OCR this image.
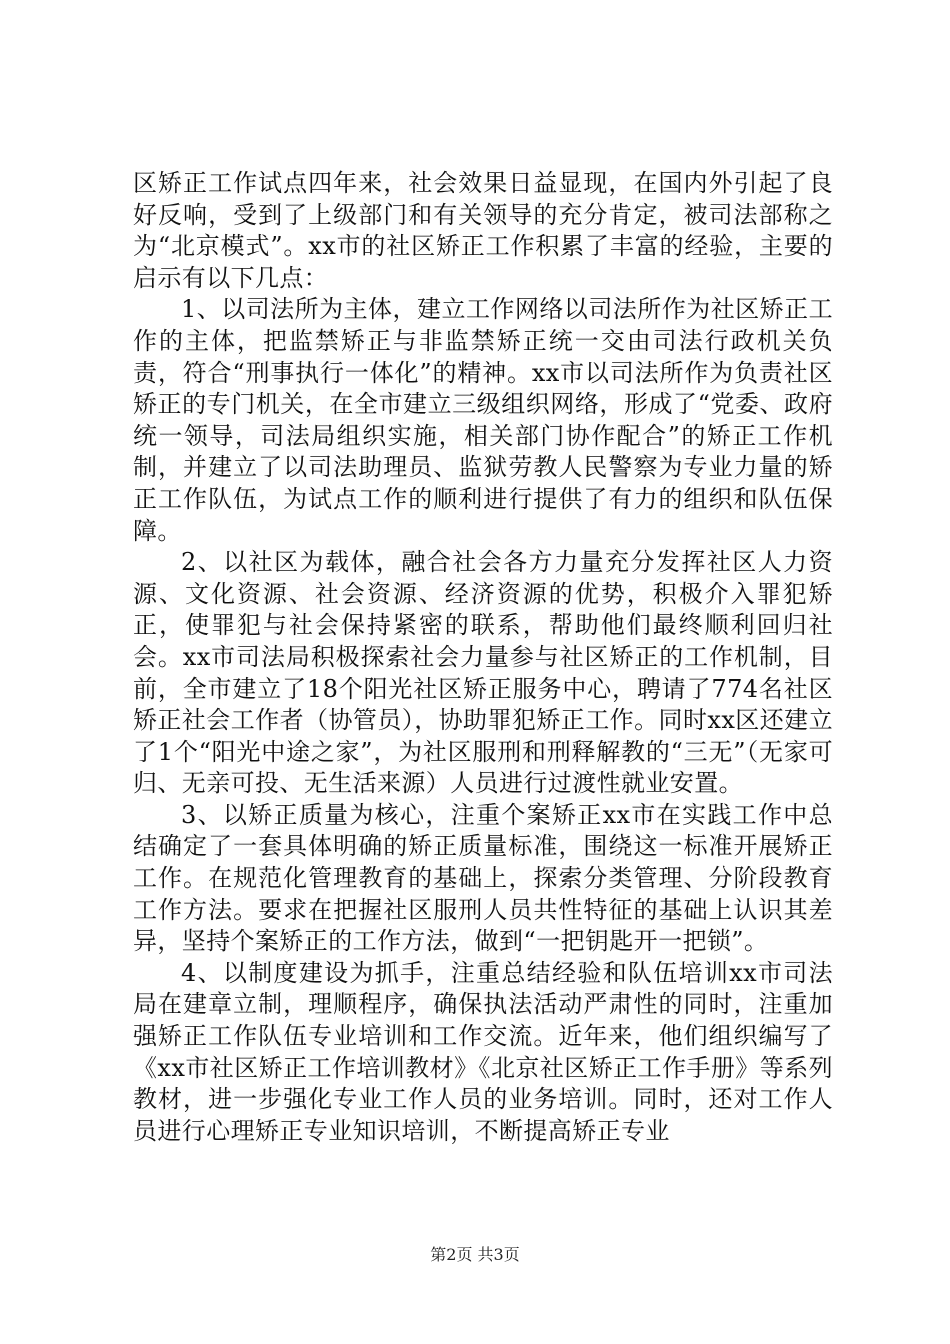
区矫正工作试点四年来，社会效果日益显现，在国内外引起了良好反响，受到了上级部门和有关领导的充分肯定，被司法部称之为“北京模式”。xx市的社区矫正工作积累了丰富的经验，主要的启示有以下几点：

1、以司法所为主体，建立工作网络以司法所作为社区矫正工作的主体，把监禁矫正与非监禁矫正统一交由司法行政机关负责，符合“刑事执行一体化”的精神。xx市以司法所作为负责社区矫正的专门机关，在全市建立三级组织网络，形成了“党委、政府统一领导，司法局组织实施，相关部门协作配合”的矫正工作机制，并建立了以司法助理员、监狱劳教人民警察为专业力量的矫正工作队伍，为试点工作的顺利进行提供了有力的组织和队伍保障。

2、以社区为载体，融合社会各方力量充分发挥社区人力资源、文化资源、社会资源、经济资源的优势，积极介入罪犯矫正，使罪犯与社会保持紧密的联系，帮助他们最终顺利回归社会。xx市司法局积极探索社会力量参与社区矫正的工作机制，目前，全市建立了18个阳光社区矫正服务中心，聘请了774名社区矫正社会工作者（协管员），协助罪犯矫正工作。同时xx区还建立了1个“阳光中途之家”，为社区服刑和刑释解教的“三无”（无家可归、无亲可投、无生活来源）人员进行过渡性就业安置。

3、以矫正质量为核心，注重个案矫正xx市在实践工作中总结确定了一套具体明确的矫正质量标准，围绕这一标准开展矫正工作。在规范化管理教育的基础上，探索分类管理、分阶段教育工作方法。要求在把握社区服刑人员共性特征的基础上认识其差异，坚持个案矫正的工作方法，做到“一把钥匙开一把锁”。

4、以制度建设为抓手，注重总结经验和队伍培训xx市司法局在建章立制，理顺程序，确保执法活动严肃性的同时，注重加强矫正工作队伍专业培训和工作交流。近年来，他们组织编写了《xx市社区矫正工作培训教材》《北京社区矫正工作手册》等系列教材，进一步强化专业工作人员的业务培训。同时，还对工作人员进行心理矫正专业知识培训，不断提高矫正专业

第2页 共3页
